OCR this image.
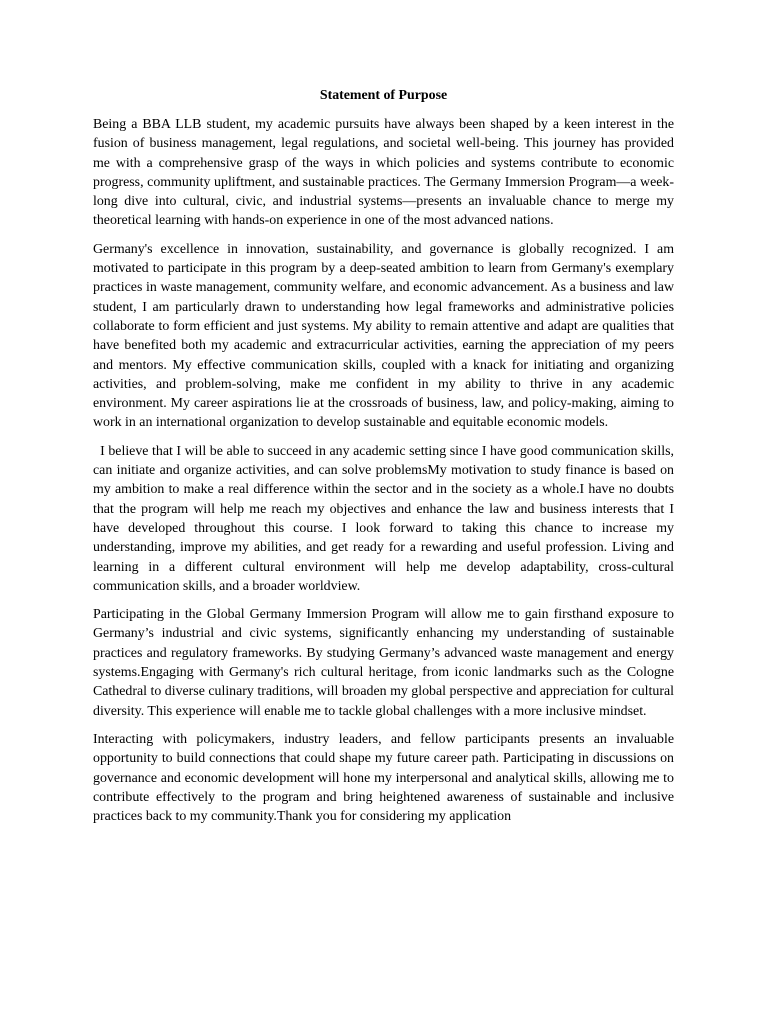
Statement of Purpose

Being a BBA LLB student, my academic pursuits have always been shaped by a keen interest in the fusion of business management, legal regulations, and societal well-being. This journey has provided me with a comprehensive grasp of the ways in which policies and systems contribute to economic progress, community upliftment, and sustainable practices. The Germany Immersion Program—a week-long dive into cultural, civic, and industrial systems—presents an invaluable chance to merge my theoretical learning with hands-on experience in one of the most advanced nations.

Germany's excellence in innovation, sustainability, and governance is globally recognized. I am motivated to participate in this program by a deep-seated ambition to learn from Germany's exemplary practices in waste management, community welfare, and economic advancement. As a business and law student, I am particularly drawn to understanding how legal frameworks and administrative policies collaborate to form efficient and just systems. My ability to remain attentive and adapt are qualities that have benefited both my academic and extracurricular activities, earning the appreciation of my peers and mentors. My effective communication skills, coupled with a knack for initiating and organizing activities, and problem-solving, make me confident in my ability to thrive in any academic environment. My career aspirations lie at the crossroads of business, law, and policy-making, aiming to work in an international organization to develop sustainable and equitable economic models.

I believe that I will be able to succeed in any academic setting since I have good communication skills, can initiate and organize activities, and can solve problemsMy motivation to study finance is based on my ambition to make a real difference within the sector and in the society as a whole.I have no doubts that the program will help me reach my objectives and enhance the law and business interests that I have developed throughout this course. I look forward to taking this chance to increase my understanding, improve my abilities, and get ready for a rewarding and useful profession. Living and learning in a different cultural environment will help me develop adaptability, cross-cultural communication skills, and a broader worldview.

Participating in the Global Germany Immersion Program will allow me to gain firsthand exposure to Germany’s industrial and civic systems, significantly enhancing my understanding of sustainable practices and regulatory frameworks. By studying Germany’s advanced waste management and energy systems.Engaging with Germany's rich cultural heritage, from iconic landmarks such as the Cologne Cathedral to diverse culinary traditions, will broaden my global perspective and appreciation for cultural diversity. This experience will enable me to tackle global challenges with a more inclusive mindset.

Interacting with policymakers, industry leaders, and fellow participants presents an invaluable opportunity to build connections that could shape my future career path. Participating in discussions on governance and economic development will hone my interpersonal and analytical skills, allowing me to contribute effectively to the program and bring heightened awareness of sustainable and inclusive practices back to my community.Thank you for considering my application
